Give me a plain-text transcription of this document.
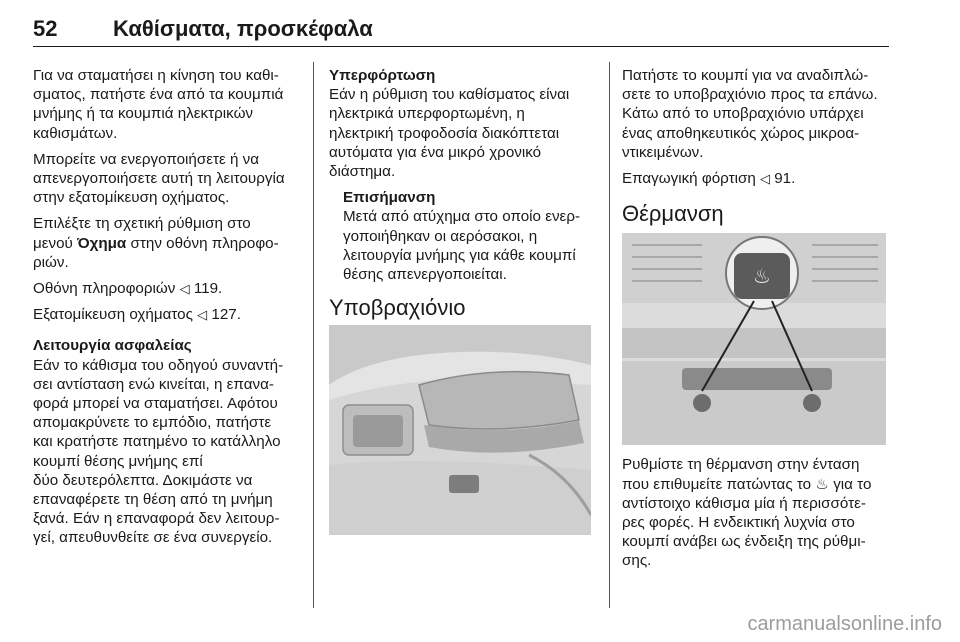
52	Καθίσματα, προσκέφαλα

Για να σταματήσει η κίνηση του καθι-
σματος, πατήστε ένα από τα κουμπιά
μνήμης ή τα κουμπιά ηλεκτρικών
καθισμάτων.

Μπορείτε να ενεργοποιήσετε ή να
απενεργοποιήσετε αυτή τη λειτουργία
στην εξατομίκευση οχήματος.

Επιλέξτε τη σχετική ρύθμιση στο
μενού Όχημα στην οθόνη πληροφο-
ριών.

Οθόνη πληροφοριών ◁ 119.

Εξατομίκευση οχήματος ◁ 127.

Λειτουργία ασφαλείας

Εάν το κάθισμα του οδηγού συναντή-
σει αντίσταση ενώ κινείται, η επανα-
φορά μπορεί να σταματήσει. Αφότου
απομακρύνετε το εμπόδιο, πατήστε
και κρατήστε πατημένο το κατάλληλο
κουμπί θέσης μνήμης επί
δύο δευτερόλεπτα. Δοκιμάστε να
επαναφέρετε τη θέση από τη μνήμη
ξανά. Εάν η επαναφορά δεν λειτουρ-
γεί, απευθυνθείτε σε ένα συνεργείο.

Υπερφόρτωση

Εάν η ρύθμιση του καθίσματος είναι
ηλεκτρικά υπερφορτωμένη, η
ηλεκτρική τροφοδοσία διακόπτεται
αυτόματα για ένα μικρό χρονικό
διάστημα.

Επισήμανση
Μετά από ατύχημα στο οποίο ενερ-
γοποιήθηκαν οι αερόσακοι, η
λειτουργία μνήμης για κάθε κουμπί
θέσης απενεργοποιείται.
Υποβραχιόνιο

Πατήστε το κουμπί για να αναδιπλώ-
σετε το υποβραχιόνιο προς τα επάνω.
Κάτω από το υποβραχιόνιο υπάρχει
ένας αποθηκευτικός χώρος μικροα-
ντικειμένων.

Επαγωγική φόρτιση ◁ 91.

Θέρμανση
♨

Ρυθμίστε τη θέρμανση στην ένταση
που επιθυμείτε πατώντας το ♨ για το
αντίστοιχο κάθισμα μία ή περισσότε-
ρες φορές. Η ενδεικτική λυχνία στο
κουμπί ανάβει ως ένδειξη της ρύθμι-
σης.

carmanualsonline.info
